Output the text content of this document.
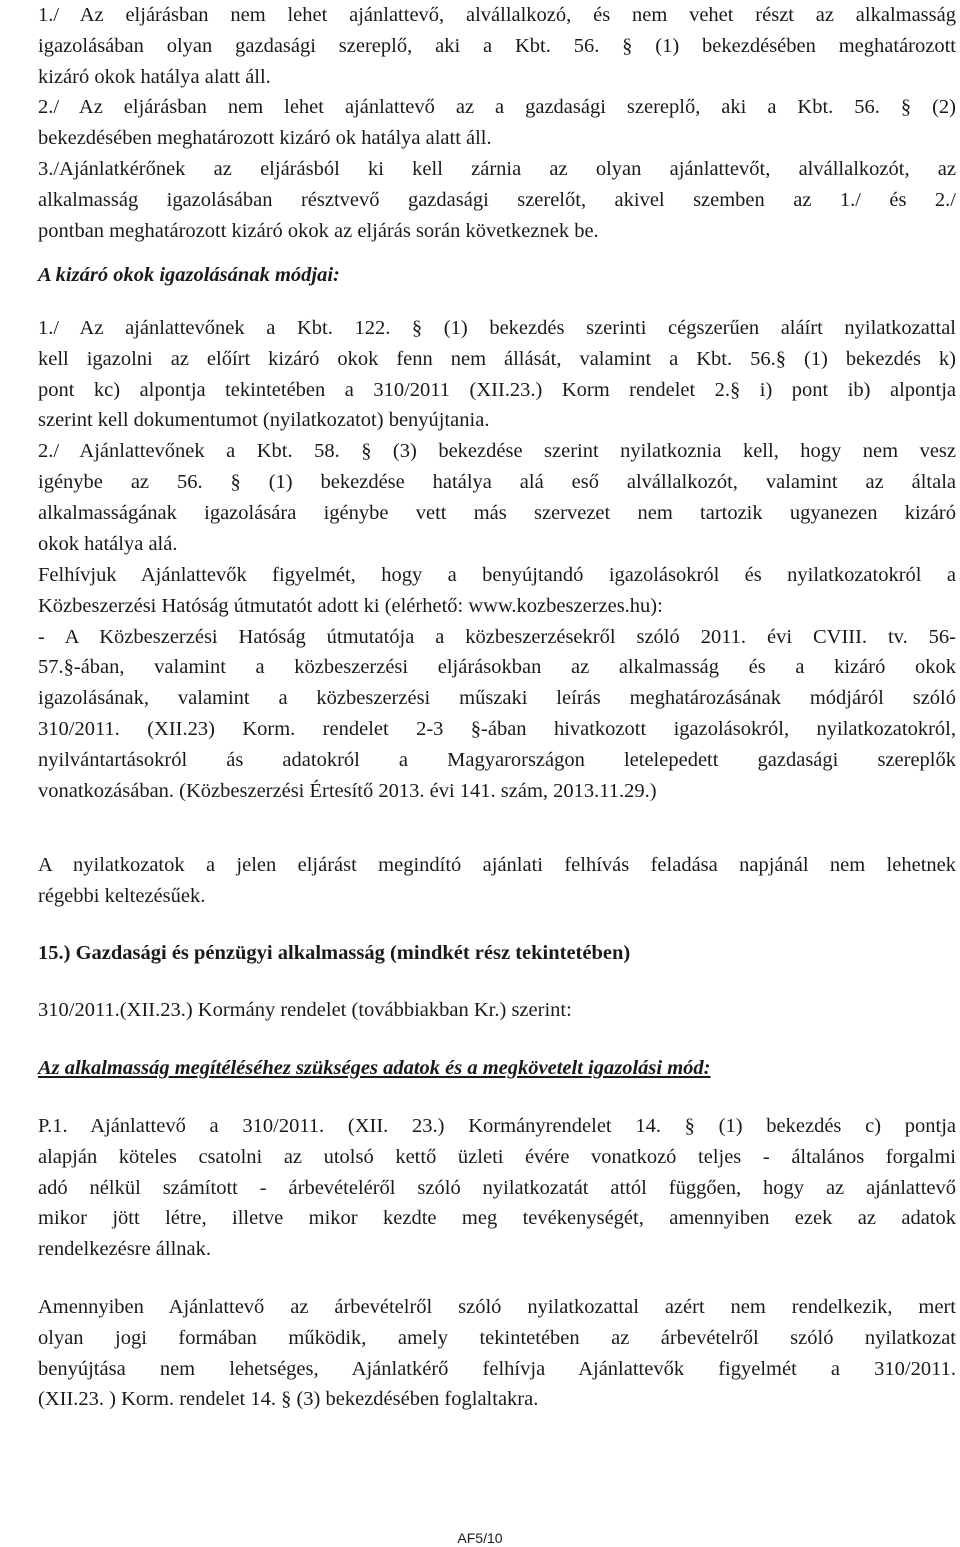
1./ Az eljárásban nem lehet ajánlattevő, alvállalkozó, és nem vehet részt az alkalmasság
igazolásában olyan gazdasági szereplő, aki a Kbt. 56. § (1) bekezdésében meghatározott
kizáró okok hatálya alatt áll.
2./ Az eljárásban nem lehet ajánlattevő az a gazdasági szereplő, aki a Kbt. 56. § (2)
bekezdésében meghatározott kizáró ok hatálya alatt áll.
3./Ajánlatkérőnek az eljárásból ki kell zárnia az olyan ajánlattevőt, alvállalkozót, az
alkalmasság igazolásában résztvevő gazdasági szerelőt, akivel szemben az 1./ és 2./
pontban meghatározott kizáró okok az eljárás során következnek be.
A kizáró okok igazolásának módjai:
1./ Az ajánlattevőnek a Kbt. 122. § (1) bekezdés szerinti cégszerűen aláírt nyilatkozattal
kell igazolni az előírt kizáró okok fenn nem állását, valamint a Kbt. 56.§ (1) bekezdés k)
pont kc) alpontja tekintetében a 310/2011 (XII.23.) Korm rendelet 2.§ i) pont ib) alpontja
szerint kell dokumentumot (nyilatkozatot) benyújtania.
2./ Ajánlattevőnek a Kbt. 58. § (3) bekezdése szerint nyilatkoznia kell, hogy nem vesz
igénybe az 56. § (1) bekezdése hatálya alá eső alvállalkozót, valamint az általa
alkalmasságának igazolására igénybe vett más szervezet nem tartozik ugyanezen kizáró
okok hatálya alá.
Felhívjuk Ajánlattevők figyelmét, hogy a benyújtandó igazolásokról és nyilatkozatokról a
Közbeszerzési Hatóság útmutatót adott ki (elérhető: www.kozbeszerzes.hu):
- A Közbeszerzési Hatóság útmutatója a közbeszerzésekről szóló 2011. évi CVIII. tv. 56-
57.§-ában, valamint a közbeszerzési eljárásokban az alkalmasság és a kizáró okok
igazolásának, valamint a közbeszerzési műszaki leírás meghatározásának módjáról szóló
310/2011. (XII.23) Korm. rendelet 2-3 §-ában hivatkozott igazolásokról, nyilatkozatokról,
nyilvántartásokról ás adatokról a Magyarországon letelepedett gazdasági szereplők
vonatkozásában. (Közbeszerzési Értesítő 2013. évi 141. szám, 2013.11.29.)
A nyilatkozatok a jelen eljárást megindító ajánlati felhívás feladása napjánál nem lehetnek
régebbi keltezésűek.
15.) Gazdasági és pénzügyi alkalmasság (mindkét rész tekintetében)
310/2011.(XII.23.) Kormány rendelet (továbbiakban Kr.) szerint:
Az alkalmasság megítéléséhez szükséges adatok és a megkövetelt igazolási mód:
P.1. Ajánlattevő a 310/2011. (XII. 23.) Kormányrendelet 14. § (1) bekezdés c) pontja
alapján köteles csatolni az utolsó kettő üzleti évére vonatkozó teljes - általános forgalmi
adó nélkül számított - árbevételéről szóló nyilatkozatát attól függően, hogy az ajánlattevő
mikor jött létre, illetve mikor kezdte meg tevékenységét, amennyiben ezek az adatok
rendelkezésre állnak.
Amennyiben Ajánlattevő az árbevételről szóló nyilatkozattal azért nem rendelkezik, mert
olyan jogi formában működik, amely tekintetében az árbevételről szóló nyilatkozat
benyújtása nem lehetséges, Ajánlatkérő felhívja Ajánlattevők figyelmét a 310/2011.
(XII.23. ) Korm. rendelet 14. § (3) bekezdésében foglaltakra.
AF5/10
